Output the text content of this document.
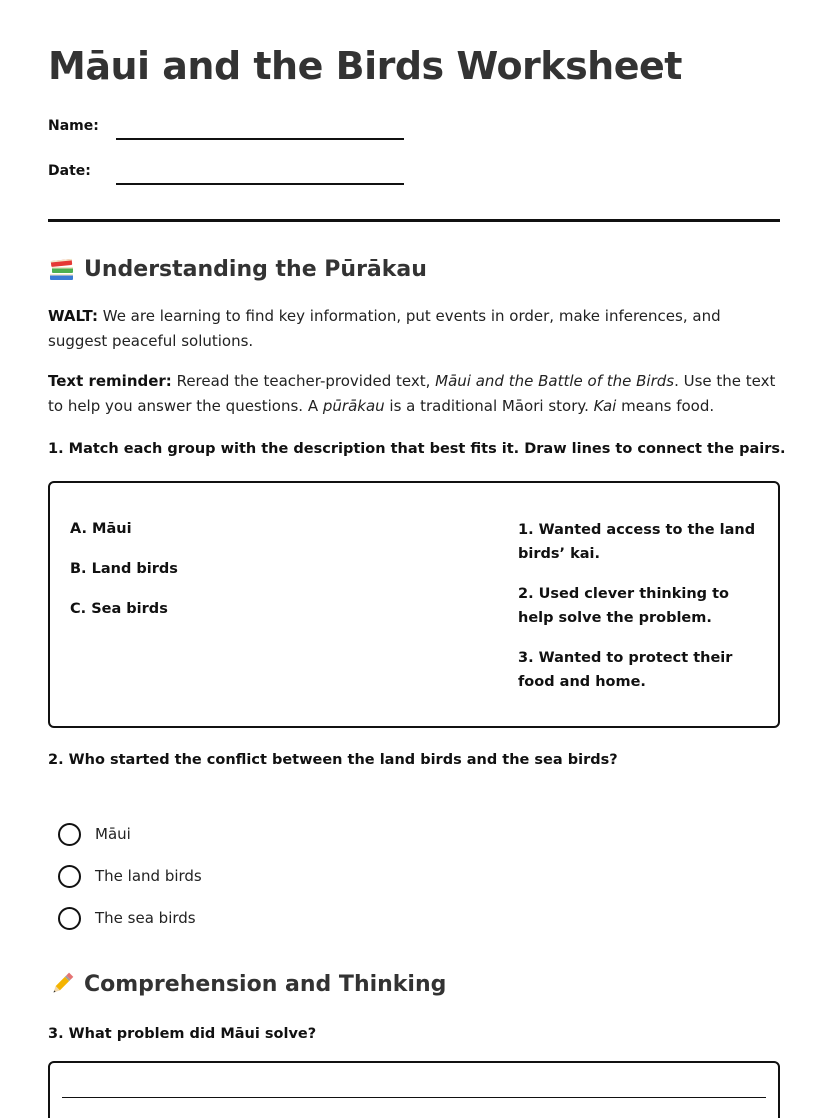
Māui and the Birds Worksheet
Name:
Date:
Understanding the Pūrākau
WALT: We are learning to find key information, put events in order, make inferences, and suggest peaceful solutions.
Text reminder: Reread the teacher-provided text, Māui and the Battle of the Birds. Use the text to help you answer the questions. A pūrākau is a traditional Māori story. Kai means food.
1. Match each group with the description that best fits it. Draw lines to connect the pairs.
A. Māui
B. Land birds
C. Sea birds
1. Wanted access to the land birds’ kai.
2. Used clever thinking to help solve the problem.
3. Wanted to protect their food and home.
2. Who started the conflict between the land birds and the sea birds?
Māui
The land birds
The sea birds
Comprehension and Thinking
3. What problem did Māui solve?
